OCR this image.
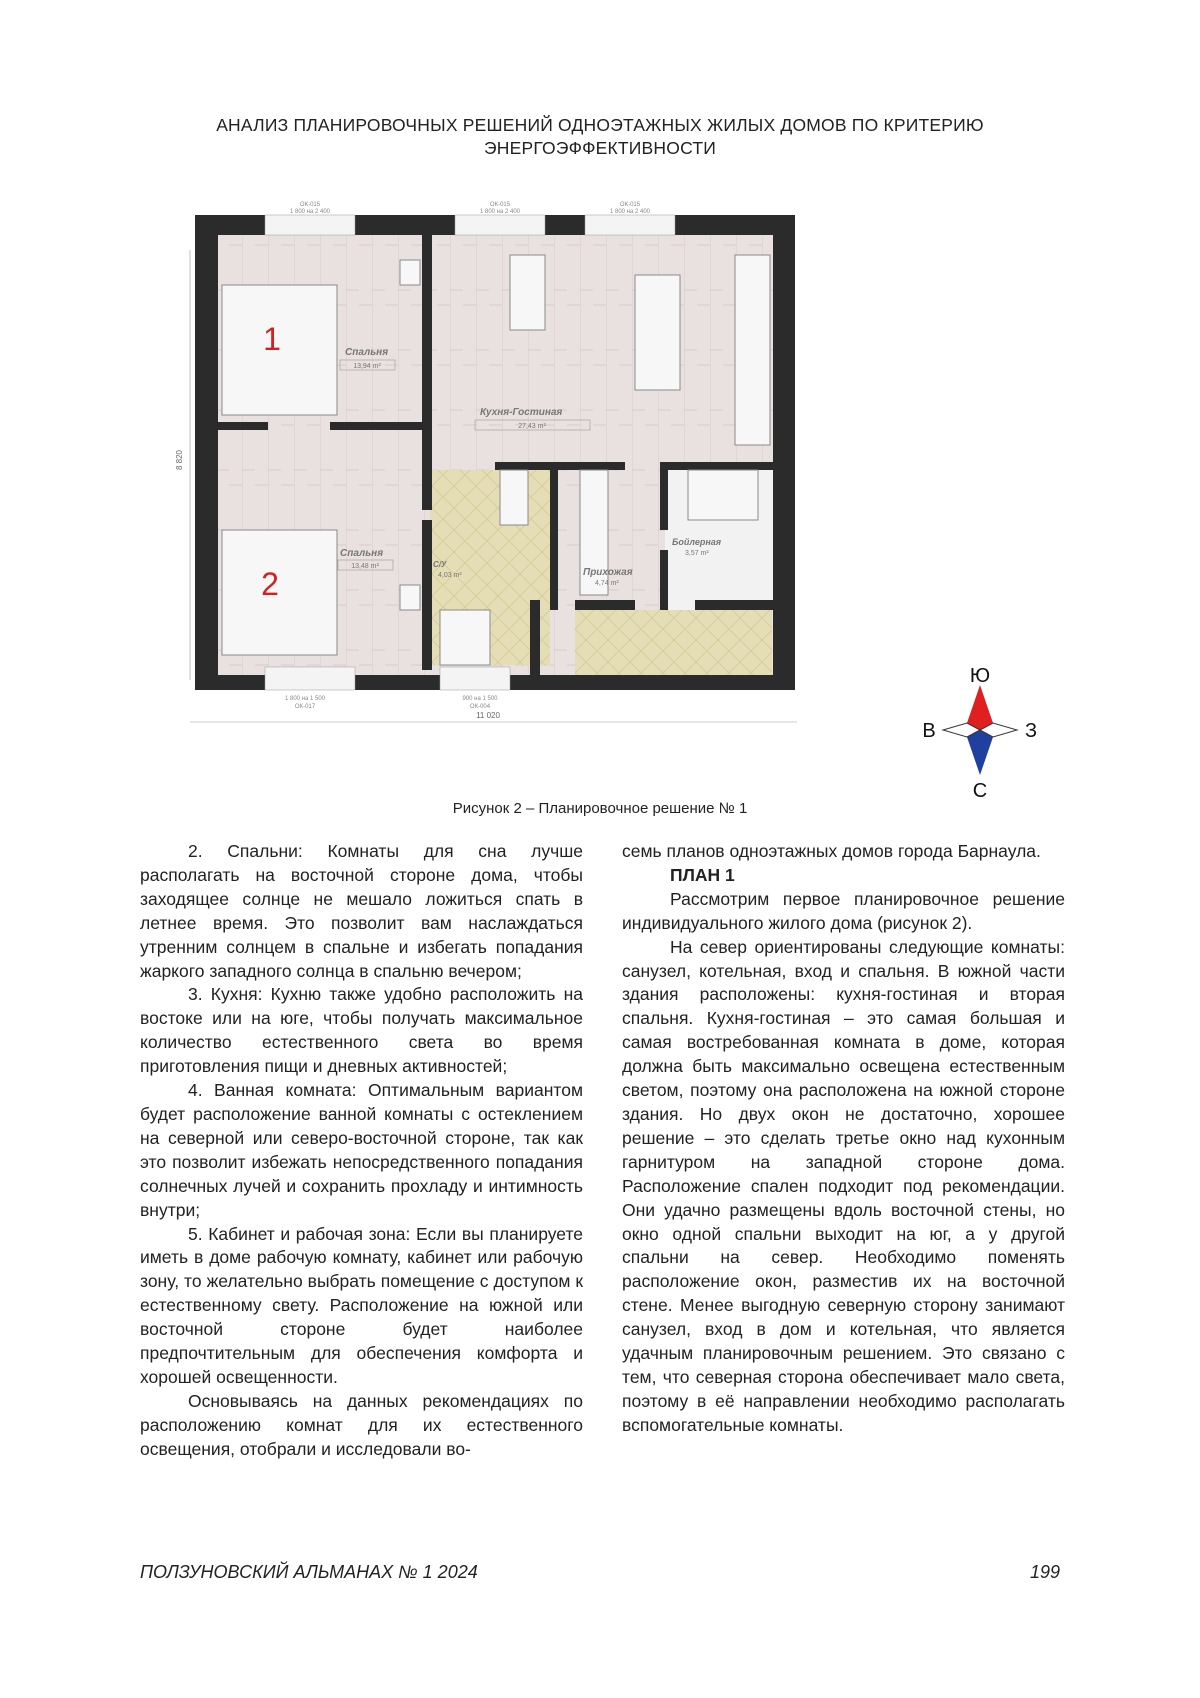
АНАЛИЗ ПЛАНИРОВОЧНЫХ РЕШЕНИЙ ОДНОЭТАЖНЫХ ЖИЛЫХ ДОМОВ ПО КРИТЕРИЮ
ЭНЕРГОЭФФЕКТИВНОСТИ
ОК-015
1 800 на 2 400
ОК-015
1 800 на 2 400
ОК-015
1 800 на 2 400
1 800 на 1 500
ОК-017
900 на 1 500
ОК-004
11 020
8 820
1
2
Спальня
Спальня
Кухня-Гостиная
С/У
Прихожая
Бойлерная
13,94 m²
13,48 m²
27,43 m²
4,03 m²
4,74 m²
3,57 m²
Ю
В	З
С
Рисунок 2 – Планировочное решение № 1

2. Спальни: Комнаты для сна лучше располагать на восточной стороне дома, чтобы заходящее солнце не мешало ложиться спать в летнее время. Это позволит вам наслаждаться утренним солнцем в спальне и избегать попадания жаркого западного солнца в спальню вечером;

3. Кухня: Кухню также удобно расположить на востоке или на юге, чтобы получать максимальное количество естественного света во время приготовления пищи и дневных активностей;

4. Ванная комната: Оптимальным вариантом будет расположение ванной комнаты с остеклением на северной или северо-восточной стороне, так как это позволит избежать непосредственного попадания солнечных лучей и сохранить прохладу и интимность внутри;

5. Кабинет и рабочая зона: Если вы планируете иметь в доме рабочую комнату, кабинет или рабочую зону, то желательно выбрать помещение с доступом к естественному свету. Расположение на южной или восточной стороне будет наиболее предпочтительным для обеспечения комфорта и хорошей освещенности.

Основываясь на данных рекомендациях по расположению комнат для их естественного освещения, отобрали и исследовали во-

семь планов одноэтажных домов города Барнаула.

ПЛАН 1

Рассмотрим первое планировочное решение индивидуального жилого дома (рисунок 2).

На север ориентированы следующие комнаты: санузел, котельная, вход и спальня. В южной части здания расположены: кухня-гостиная и вторая спальня. Кухня-гостиная – это самая большая и самая востребованная комната в доме, которая должна быть максимально освещена естественным светом, поэтому она расположена на южной стороне здания. Но двух окон не достаточно, хорошее решение – это сделать третье окно над кухонным гарнитуром на западной стороне дома. Расположение спален подходит под рекомендации. Они удачно размещены вдоль восточной стены, но окно одной спальни выходит на юг, а у другой спальни на север. Необходимо поменять расположение окон, разместив их на восточной стене. Менее выгодную северную сторону занимают санузел, вход в дом и котельная, что является удачным планировочным решением. Это связано с тем, что северная сторона обеспечивает мало света, поэтому в её направлении необходимо располагать вспомогательные комнаты.

ПОЛЗУНОВСКИЙ АЛЬМАНАХ № 1 2024	199
